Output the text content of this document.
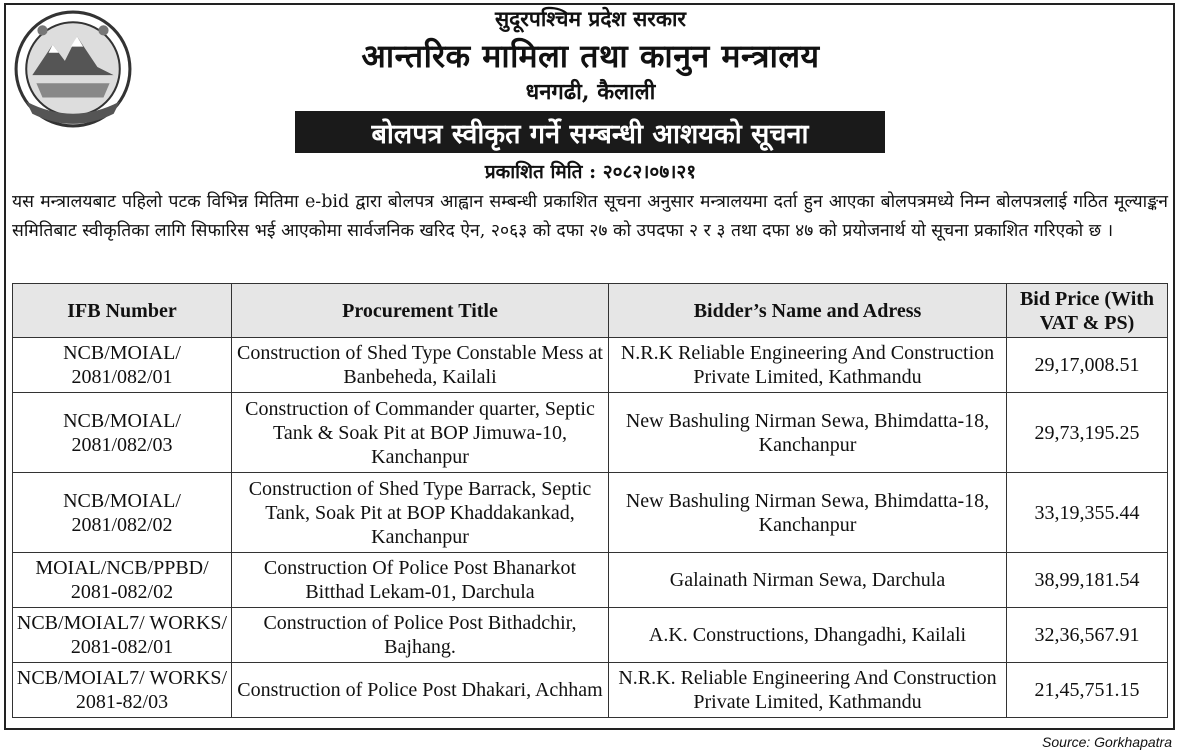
सुदूरपश्चिम प्रदेश सरकार
आन्तरिक मामिला तथा कानुन मन्त्रालय
धनगढी, कैलाली
बोलपत्र स्वीकृत गर्ने सम्बन्धी आशयको सूचना
प्रकाशित मिति : २०८२।०७।२१

यस मन्त्रालयबाट पहिलो पटक विभिन्न मितिमा e-bid द्वारा बोलपत्र आह्वान सम्बन्धी प्रकाशित सूचना अनुसार मन्त्रालयमा दर्ता हुन आएका बोलपत्रमध्ये निम्न बोलपत्रलाई गठित मूल्याङ्कन समितिबाट स्वीकृतिका लागि सिफारिस भई आएकोमा सार्वजनिक खरिद ऐन, २०६३ को दफा २७ को उपदफा २ र ३ तथा दफा ४७ को प्रयोजनार्थ यो सूचना प्रकाशित गरिएको छ ।

IFB Number	Procurement Title	Bidder’s Name and Adress	Bid Price (With VAT & PS)
NCB/MOIAL/ 2081/082/01	Construction of Shed Type Constable Mess at Banbeheda, Kailali	N.R.K Reliable Engineering And Construction Private Limited, Kathmandu	29,17,008.51
NCB/MOIAL/ 2081/082/03	Construction of Commander quarter, Septic Tank & Soak Pit at BOP Jimuwa-10, Kanchanpur	New Bashuling Nirman Sewa, Bhimdatta-18, Kanchanpur	29,73,195.25
NCB/MOIAL/ 2081/082/02	Construction of Shed Type Barrack, Septic Tank, Soak Pit at BOP Khaddakankad, Kanchanpur	New Bashuling Nirman Sewa, Bhimdatta-18, Kanchanpur	33,19,355.44
MOIAL/NCB/PPBD/ 2081-082/02	Construction Of Police Post Bhanarkot Bitthad Lekam-01, Darchula	Galainath Nirman Sewa, Darchula	38,99,181.54
NCB/MOIAL7/ WORKS/ 2081-082/01	Construction of Police Post Bithadchir, Bajhang.	A.K. Constructions, Dhangadhi, Kailali	32,36,567.91
NCB/MOIAL7/ WORKS/ 2081-82/03	Construction of Police Post Dhakari, Achham	N.R.K. Reliable Engineering And Construction Private Limited, Kathmandu	21,45,751.15
Source: Gorkhapatra
